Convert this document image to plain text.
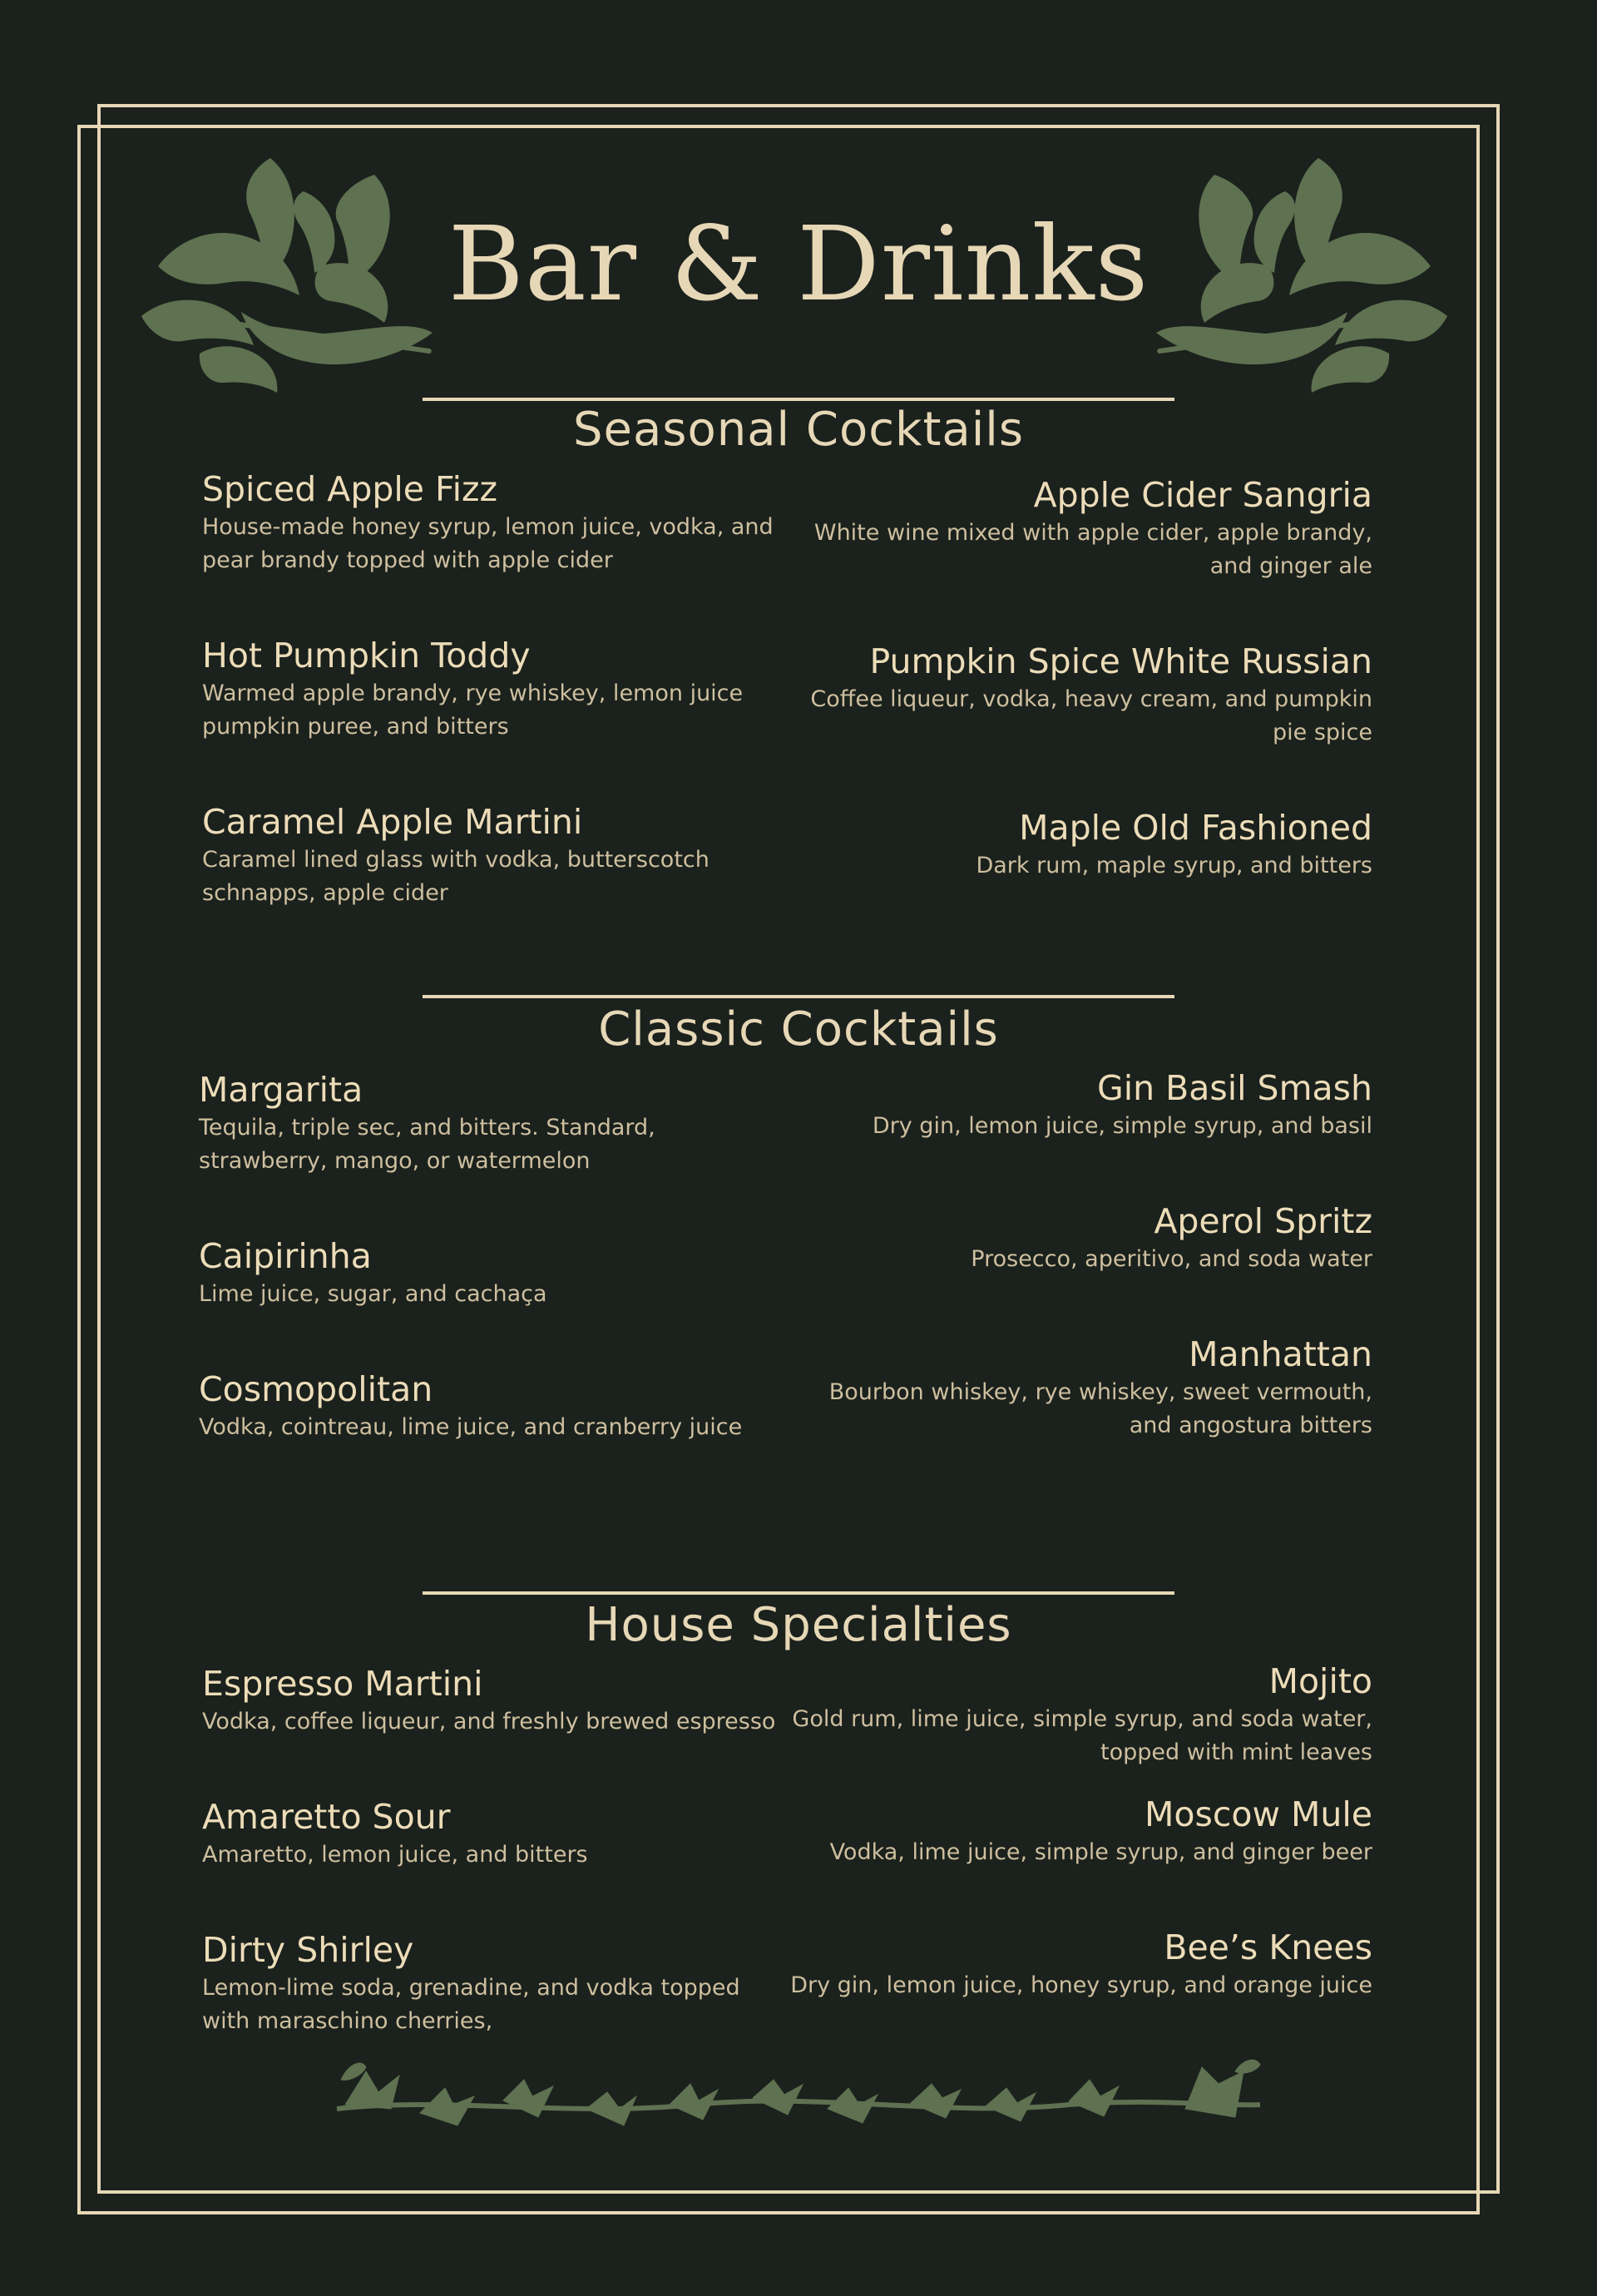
Bar & Drinks
Seasonal Cocktails
Spiced Apple Fizz
House-made honey syrup, lemon juice, vodka, and
pear brandy topped with apple cider
Hot Pumpkin Toddy
Warmed apple brandy, rye whiskey, lemon juice
pumpkin puree, and bitters
Caramel Apple Martini
Caramel lined glass with vodka, butterscotch
schnapps, apple cider
Apple Cider Sangria
White wine mixed with apple cider, apple brandy,
and ginger ale
Pumpkin Spice White Russian
Coffee liqueur, vodka, heavy cream, and pumpkin
pie spice
Maple Old Fashioned
Dark rum, maple syrup, and bitters
Classic Cocktails
Margarita
Tequila, triple sec, and bitters. Standard,
strawberry, mango, or watermelon
Caipirinha
Lime juice, sugar, and cachaça
Cosmopolitan
Vodka, cointreau, lime juice, and cranberry juice
Gin Basil Smash
Dry gin, lemon juice, simple syrup, and basil
Aperol Spritz
Prosecco, aperitivo, and soda water
Manhattan
Bourbon whiskey, rye whiskey, sweet vermouth,
and angostura bitters
House Specialties
Espresso Martini
Vodka, coffee liqueur, and freshly brewed espresso
Amaretto Sour
Amaretto, lemon juice, and bitters
Dirty Shirley
Lemon-lime soda, grenadine, and vodka topped
with maraschino cherries,
Mojito
Gold rum, lime juice, simple syrup, and soda water,
topped with mint leaves
Moscow Mule
Vodka, lime juice, simple syrup, and ginger beer
Bee’s Knees
Dry gin, lemon juice, honey syrup, and orange juice
